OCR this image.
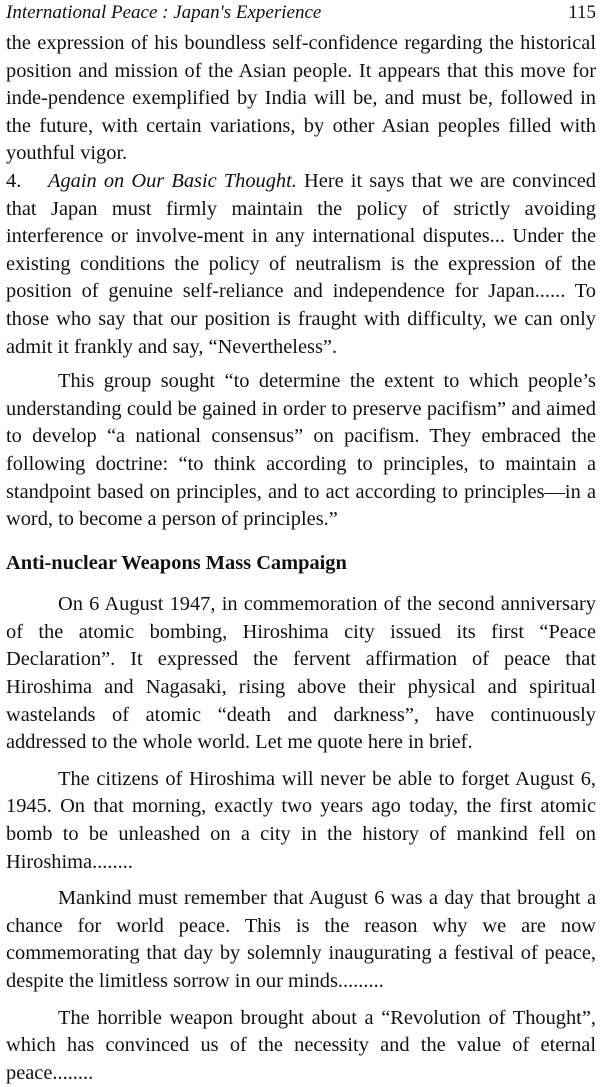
International Peace : Japan's Experience	115

the expression of his boundless self-confidence regarding the historical position and mission of the Asian people. It appears that this move for inde-pendence exemplified by India will be, and must be, followed in the future, with certain variations, by other Asian peoples filled with youthful vigor.

4. Again on Our Basic Thought. Here it says that we are convinced that Japan must firmly maintain the policy of strictly avoiding interference or involve-ment in any international disputes... Under the existing conditions the policy of neutralism is the expression of the position of genuine self-reliance and independence for Japan...... To those who say that our position is fraught with difficulty, we can only admit it frankly and say, “Nevertheless”.

This group sought “to determine the extent to which people’s understanding could be gained in order to preserve pacifism” and aimed to develop “a national consensus” on pacifism. They embraced the following doctrine: “to think according to principles, to maintain a standpoint based on principles, and to act according to principles—in a word, to become a person of principles.”

Anti-nuclear Weapons Mass Campaign

On 6 August 1947, in commemoration of the second anniversary of the atomic bombing, Hiroshima city issued its first “Peace Declaration”. It expressed the fervent affirmation of peace that Hiroshima and Nagasaki, rising above their physical and spiritual wastelands of atomic “death and darkness”, have continuously addressed to the whole world. Let me quote here in brief.

The citizens of Hiroshima will never be able to forget August 6, 1945. On that morning, exactly two years ago today, the first atomic bomb to be unleashed on a city in the history of mankind fell on Hiroshima........

Mankind must remember that August 6 was a day that brought a chance for world peace. This is the reason why we are now commemorating that day by solemnly inaugurating a festival of peace, despite the limitless sorrow in our minds.........

The horrible weapon brought about a “Revolution of Thought”, which has convinced us of the necessity and the value of eternal peace........
